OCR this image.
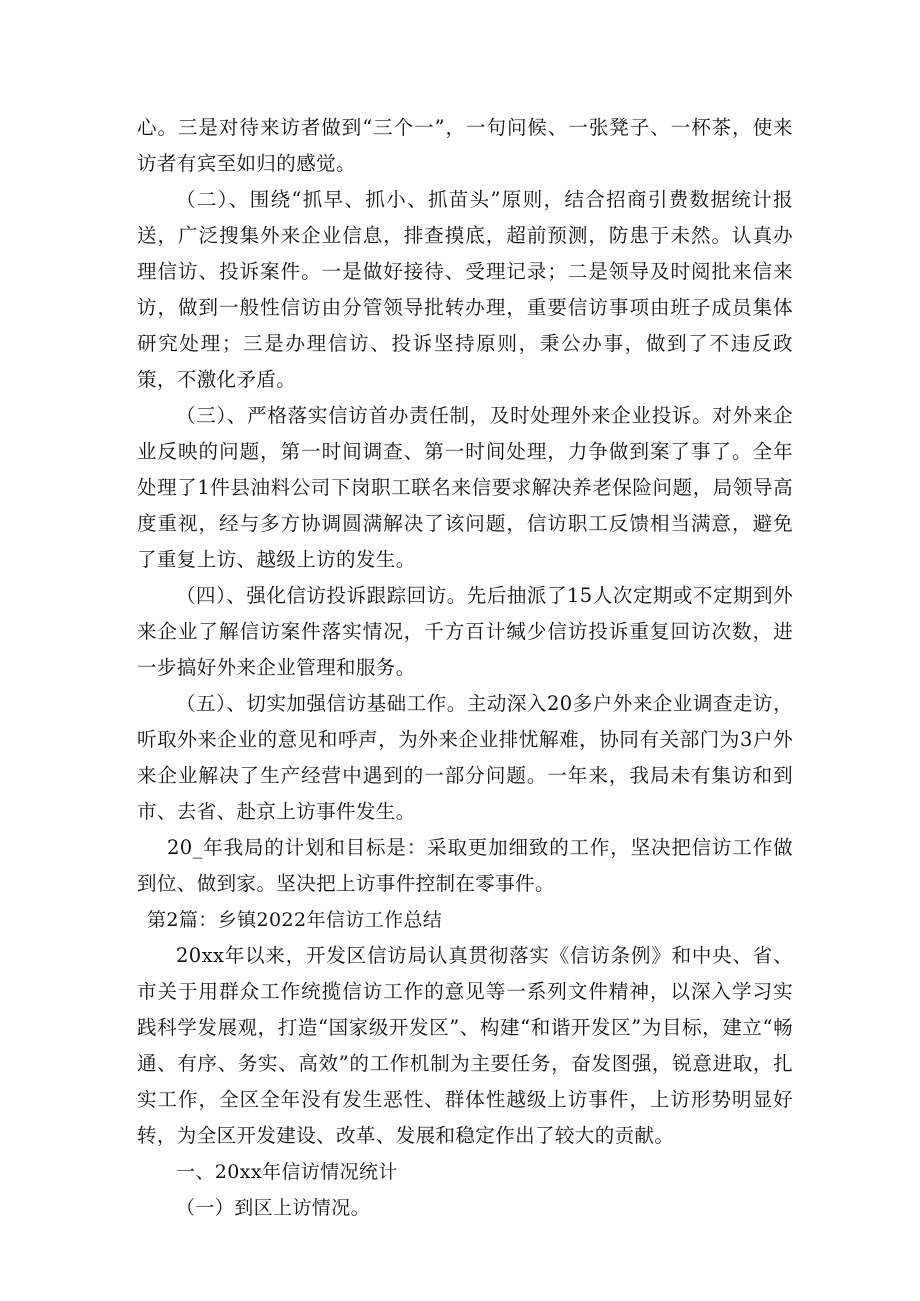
心。三是对待来访者做到“三个一”，一句问候、一张凳子、一杯茶，使来访者有宾至如归的感觉。

（二）、围绕“抓早、抓小、抓苗头”原则，结合招商引费数据统计报送，广泛搜集外来企业信息，排查摸底，超前预测，防患于未然。认真办理信访、投诉案件。一是做好接待、受理记录；二是领导及时阅批来信来访，做到一般性信访由分管领导批转办理，重要信访事项由班子成员集体研究处理；三是办理信访、投诉坚持原则，秉公办事，做到了不违反政策，不激化矛盾。

（三）、严格落实信访首办责任制，及时处理外来企业投诉。对外来企业反映的问题，第一时间调查、第一时间处理，力争做到案了事了。全年处理了1件县油料公司下岗职工联名来信要求解决养老保险问题，局领导高度重视，经与多方协调圆满解决了该问题，信访职工反馈相当满意，避免了重复上访、越级上访的发生。

（四）、强化信访投诉跟踪回访。先后抽派了15人次定期或不定期到外来企业了解信访案件落实情况，千方百计缄少信访投诉重复回访次数，进一步搞好外来企业管理和服务。

（五）、切实加强信访基础工作。主动深入20多户外来企业调查走访，听取外来企业的意见和呼声，为外来企业排忧解难，协同有关部门为3户外来企业解决了生产经营中遇到的一部分问题。一年来，我局未有集访和到市、去省、赴京上访事件发生。

20_年我局的计划和目标是：采取更加细致的工作，坚决把信访工作做到位、做到家。坚决把上访事件控制在零事件。

第2篇：乡镇2022年信访工作总结

20xx年以来，开发区信访局认真贯彻落实《信访条例》和中央、省、市关于用群众工作统揽信访工作的意见等一系列文件精神，以深入学习实践科学发展观，打造“国家级开发区”、构建“和谐开发区”为目标，建立“畅通、有序、务实、高效”的工作机制为主要任务，奋发图强，锐意进取，扎实工作，全区全年没有发生恶性、群体性越级上访事件，上访形势明显好转，为全区开发建设、改革、发展和稳定作出了较大的贡献。

一、20xx年信访情况统计

（一）到区上访情况。
